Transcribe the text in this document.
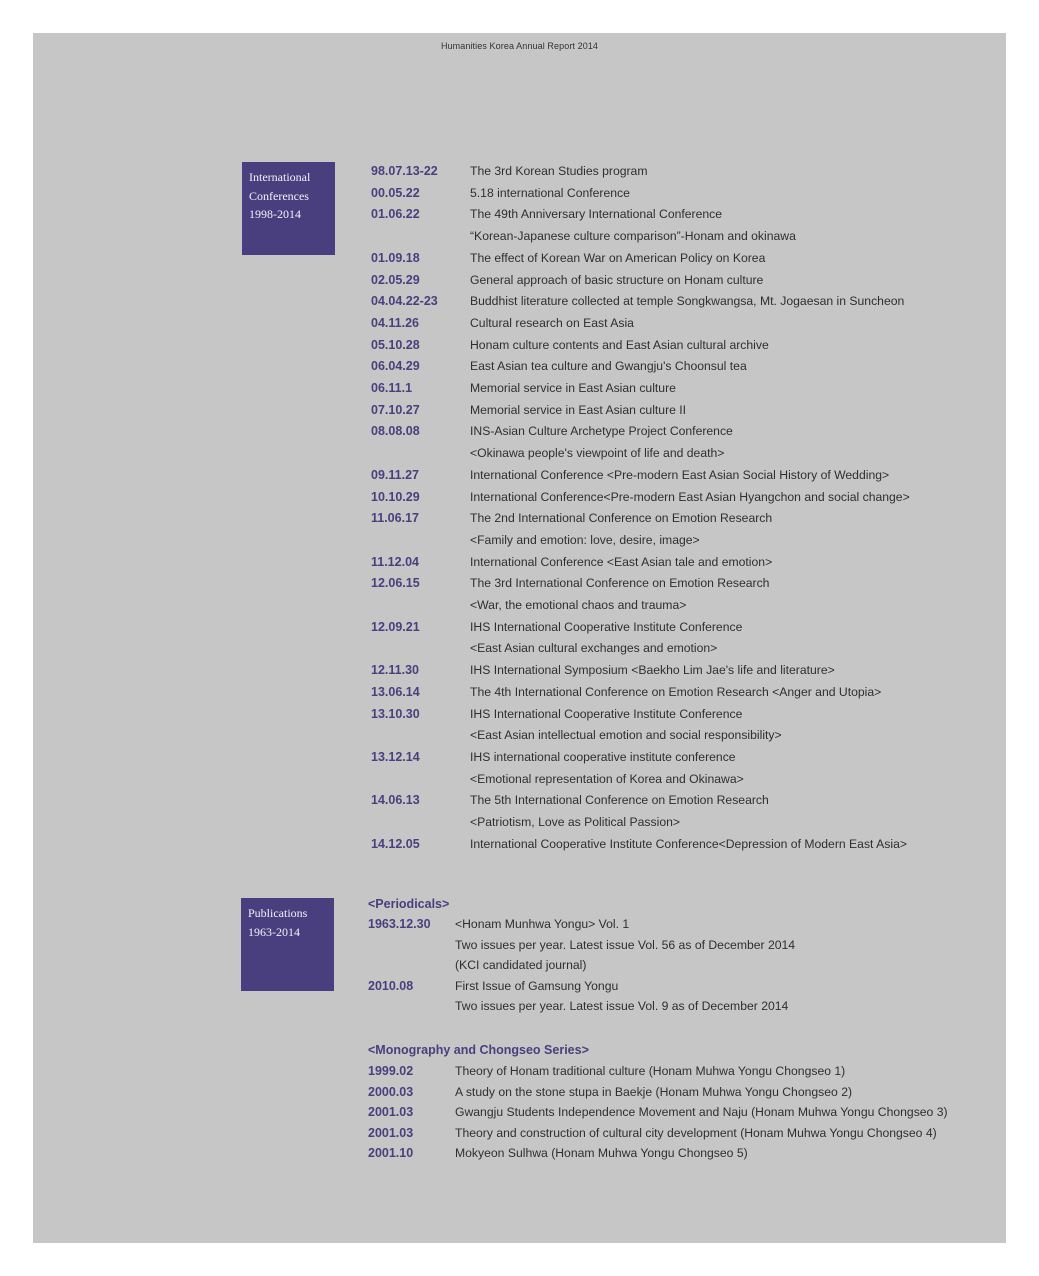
Humanities Korea Annual Report 2014
International
Conferences
1998-2014
98.07.13-22	The 3rd Korean Studies program
00.05.22	5.18 international Conference
01.06.22	The 49th Anniversary International Conference
“Korean-Japanese culture comparison”-Honam and okinawa
01.09.18	The effect of Korean War on American Policy on Korea
02.05.29	General approach of basic structure on Honam culture
04.04.22-23	Buddhist literature collected at temple Songkwangsa, Mt. Jogaesan in Suncheon
04.11.26	Cultural research on East Asia
05.10.28	Honam culture contents and East Asian cultural archive
06.04.29	East Asian tea culture and Gwangju's Choonsul tea
06.11.1	Memorial service in East Asian culture
07.10.27	Memorial service in East Asian culture II
08.08.08	INS-Asian Culture Archetype Project Conference
<Okinawa people's viewpoint of life and death>
09.11.27	International Conference <Pre-modern East Asian Social History of Wedding>
10.10.29	International Conference<Pre-modern East Asian Hyangchon and social change>
11.06.17	The 2nd International Conference on Emotion Research
<Family and emotion: love, desire, image>
11.12.04	International Conference <East Asian tale and emotion>
12.06.15	The 3rd International Conference on Emotion Research
<War, the emotional chaos and trauma>
12.09.21	IHS International Cooperative Institute Conference
<East Asian cultural exchanges and emotion>
12.11.30	IHS International Symposium <Baekho Lim Jae's life and literature>
13.06.14	The 4th International Conference on Emotion Research <Anger and Utopia>
13.10.30	IHS International Cooperative Institute Conference
<East Asian intellectual emotion and social responsibility>
13.12.14	IHS international cooperative institute conference
<Emotional representation of Korea and Okinawa>
14.06.13	The 5th International Conference on Emotion Research
<Patriotism, Love as Political Passion>
14.12.05	International Cooperative Institute Conference<Depression of Modern East Asia>
Publications
1963-2014
<Periodicals>
1963.12.30 <Honam Munhwa Yongu> Vol. 1
Two issues per year. Latest issue Vol. 56 as of December 2014
(KCI candidated journal)
2010.08	First Issue of Gamsung Yongu
Two issues per year. Latest issue Vol. 9 as of December 2014
<Monography and Chongseo Series>
1999.02	Theory of Honam traditional culture (Honam Muhwa Yongu Chongseo 1)
2000.03	A study on the stone stupa in Baekje (Honam Muhwa Yongu Chongseo 2)
2001.03	Gwangju Students Independence Movement and Naju (Honam Muhwa Yongu Chongseo 3)
2001.03	Theory and construction of cultural city development (Honam Muhwa Yongu Chongseo 4)
2001.10	Mokyeon Sulhwa (Honam Muhwa Yongu Chongseo 5)
